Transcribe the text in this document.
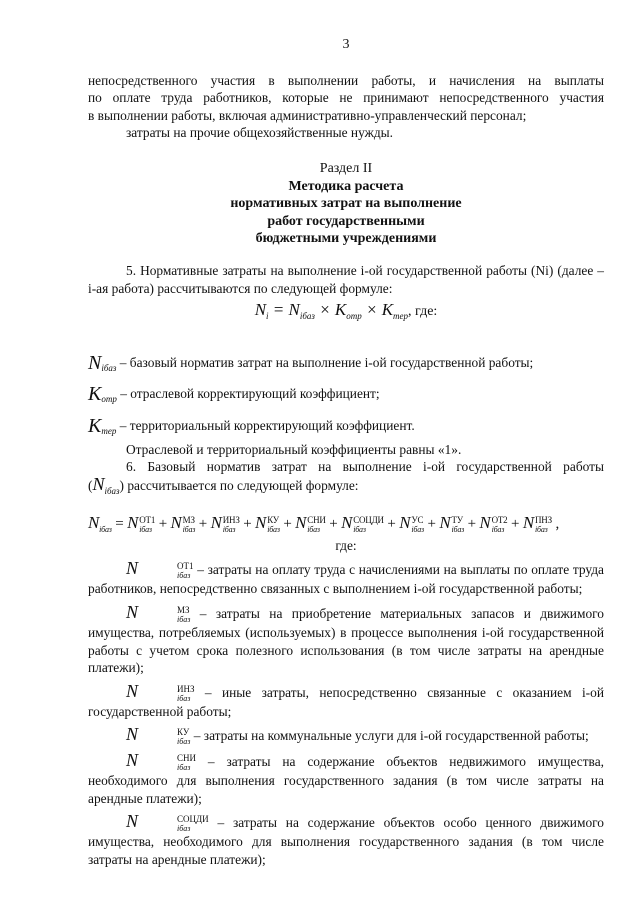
3

непосредственного участия в выполнении работы, и начисления на выплаты

по оплате труда работников, которые не принимают непосредственного участия

в выполнении работы, включая административно-управленческий персонал;

затраты на прочие общехозяйственные нужды.

Раздел II
Методика расчета
нормативных затрат на выполнение
работ государственными
бюджетными учреждениями

5. Нормативные затраты на выполнение i-ой государственной работы (Ni) (далее – i-ая работа) рассчитываются по следующей формуле:

$N_i = N_{iбаз} \times K_{отр} \times K_{тер}$, где:

$N_{iбаз}$ – базовый норматив затрат на выполнение i-ой государственной работы;

$K_{отр}$ – отраслевой корректирующий коэффициент;

$K_{тер}$ – территориальный корректирующий коэффициент.

Отраслевой и территориальный коэффициенты равны «1».

6. Базовый норматив затрат на выполнение i-ой государственной работы

$(N_{iбаз})$ рассчитывается по следующей формуле:

$N_{iбаз} = N$ ОТ1
iбаз + N МЗ
iбаз + N ИНЗ
iбаз + N КУ
iбаз + N СНИ
iбаз + N СОЦДИ
iбаз	+ N УС
iбаз + N ТУ
iбаз + N ОТ2
iбаз + N ПНЗ
iбаз ,
где:

N	ОТ1
iбаз – затраты на оплату труда с начислениями на выплаты по оплате труда работников, непосредственно связанных с выполнением i-ой государственной работы;

N	МЗ
iбаз – затраты на приобретение материальных запасов и движимого имущества, потребляемых (используемых) в процессе выполнения i-ой государственной работы с учетом срока полезного использования (в том числе затраты на арендные платежи);

N	ИНЗ
iбаз – иные затраты, непосредственно связанные с оказанием i-ой государственной работы;

N	КУ
iбаз – затраты на коммунальные услуги для i-ой государственной работы;

N	СНИ
iбаз – затраты на содержание объектов недвижимого имущества, необходимого для выполнения государственного задания (в том числе затраты на арендные платежи);

N	СОЦДИ
iбаз	– затраты на содержание объектов особо ценного движимого имущества, необходимого для выполнения государственного задания (в том числе затраты на арендные платежи);
